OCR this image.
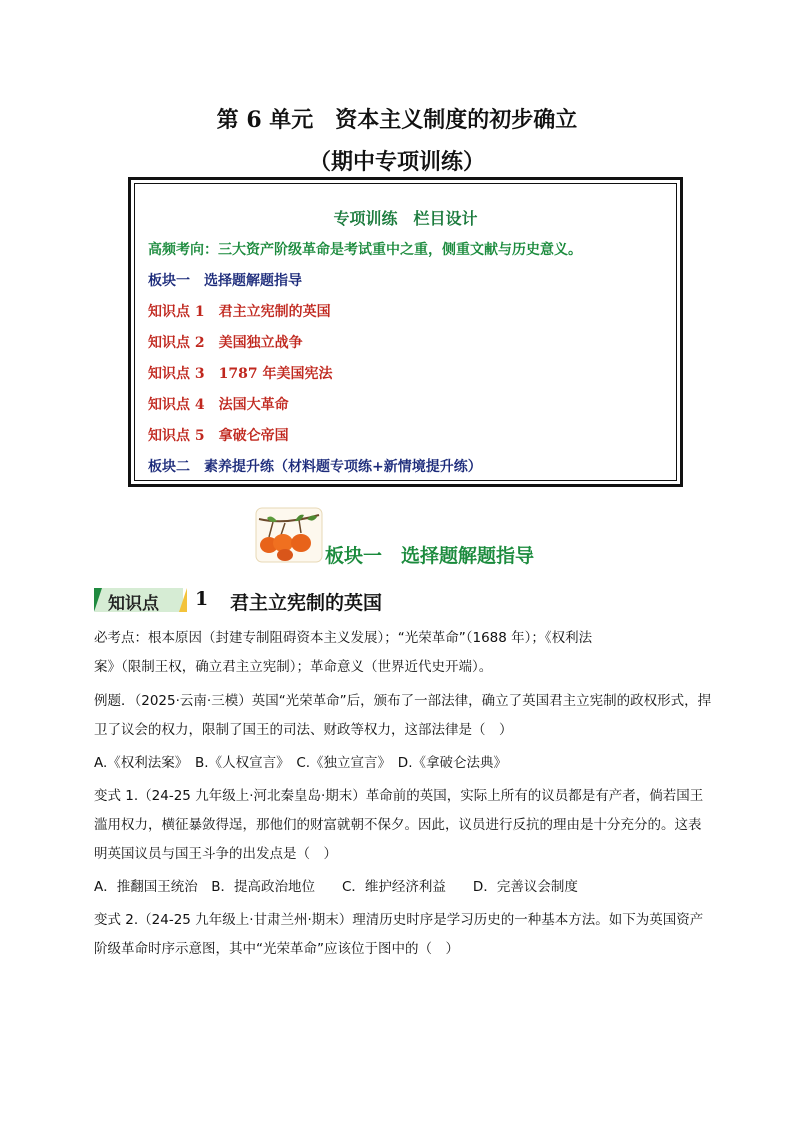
第 6 单元　资本主义制度的初步确立
（期中专项训练）
专项训练　栏目设计
高频考向：三大资产阶级革命是考试重中之重，侧重文献与历史意义。
板块一　选择题解题指导
知识点 1　君主立宪制的英国
知识点 2　美国独立战争
知识点 3　1787 年美国宪法
知识点 4　法国大革命
知识点 5　拿破仑帝国
板块二　素养提升练（材料题专项练+新情境提升练）
板块一　选择题解题指导
知识点 1 君主立宪制的英国
必考点：根本原因（封建专制阻碍资本主义发展）；“光荣革命”（1688 年）；《权利法
案》（限制王权，确立君主立宪制）；革命意义（世界近代史开端）。
例题．（2025·云南·三模）英国“光荣革命”后，颁布了一部法律，确立了英国君主立宪制的政权形式，捍
卫了议会的权力，限制了国王的司法、财政等权力，这部法律是（　）
A.《权利法案》　B.《人权宣言》　C.《独立宣言》　D.《拿破仑法典》
变式 1.（24-25 九年级上·河北秦皇岛·期末）革命前的英国，实际上所有的议员都是有产者，倘若国王
滥用权力，横征暴敛得逞，那他们的财富就朝不保夕。因此，议员进行反抗的理由是十分充分的。这表
明英国议员与国王斗争的出发点是（　）
A．推翻国王统治　B．提高政治地位　　C．维护经济利益　　D．完善议会制度
变式 2.（24-25 九年级上·甘肃兰州·期末）理清历史时序是学习历史的一种基本方法。如下为英国资产
阶级革命时序示意图，其中“光荣革命”应该位于图中的（　）
